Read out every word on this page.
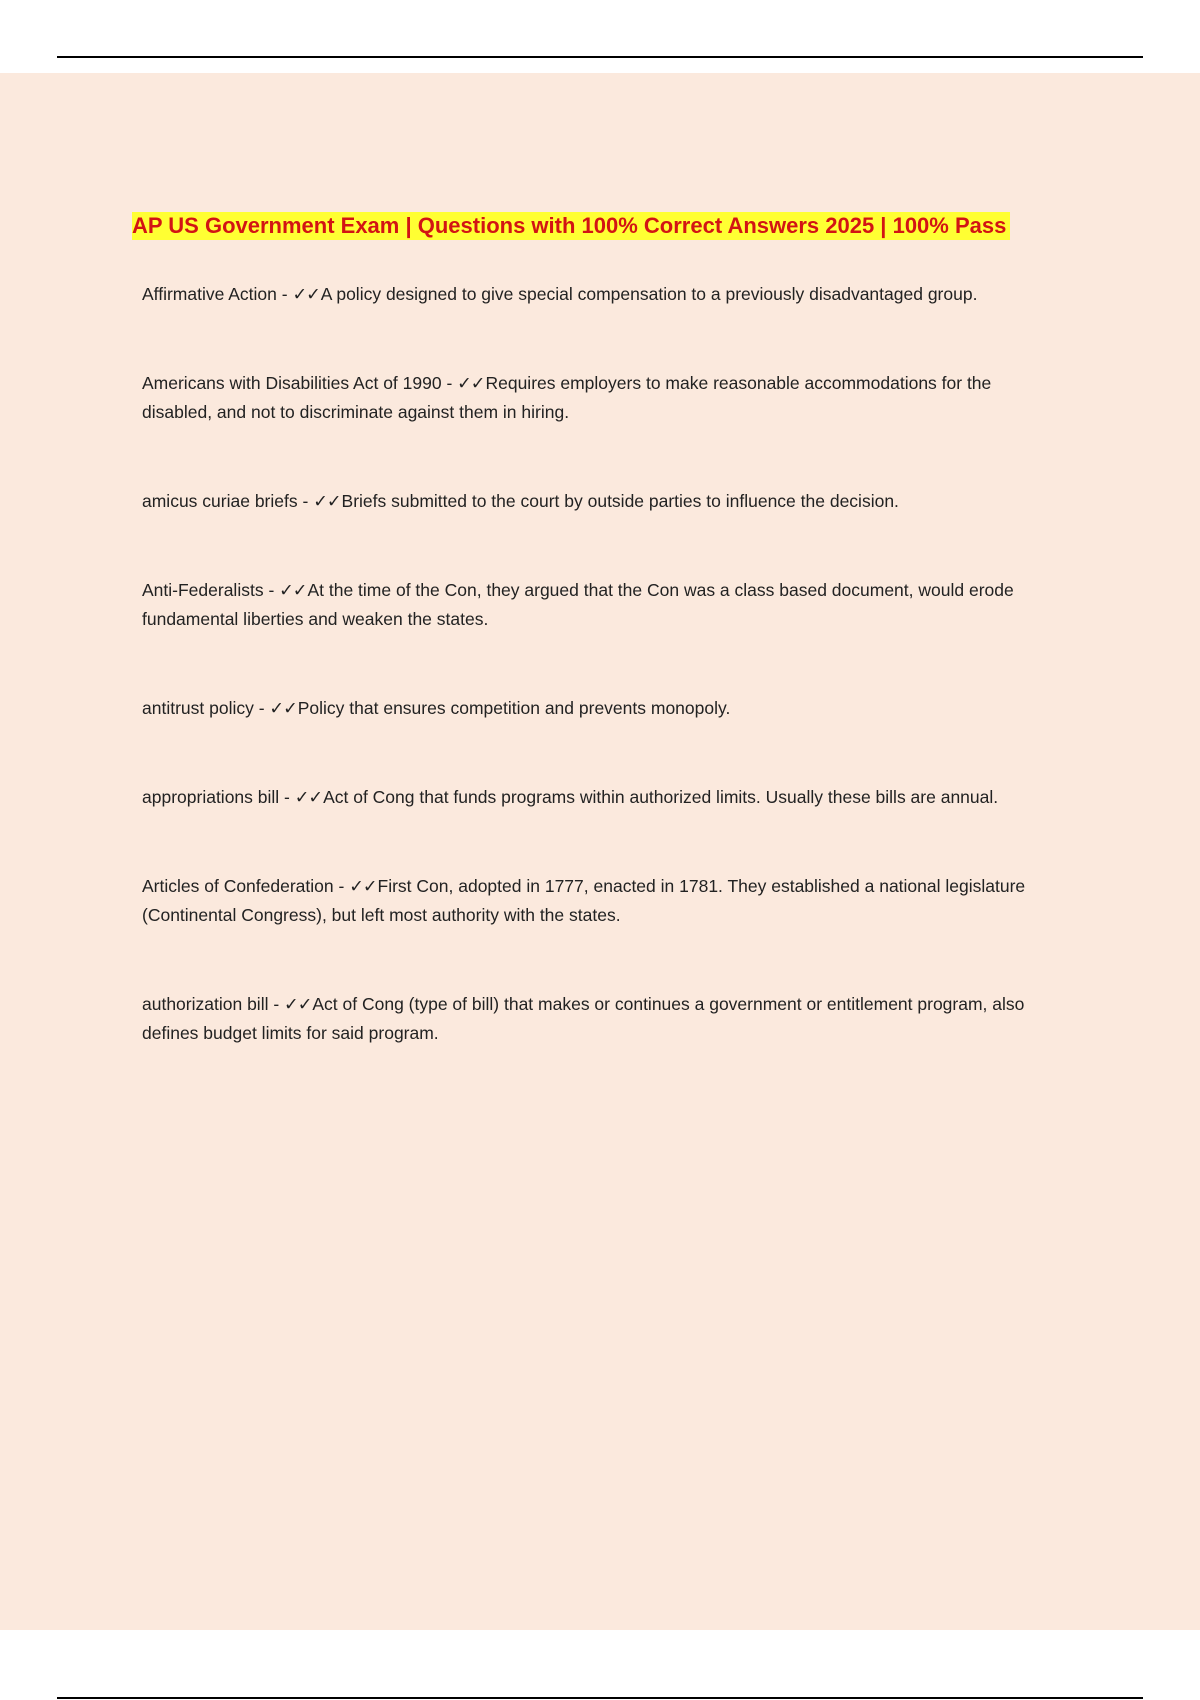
AP US Government Exam | Questions with 100% Correct Answers 2025 | 100% Pass
Affirmative Action - ✓✓A policy designed to give special compensation to a previously disadvantaged group.
Americans with Disabilities Act of 1990 - ✓✓Requires employers to make reasonable accommodations for the disabled, and not to discriminate against them in hiring.
amicus curiae briefs - ✓✓Briefs submitted to the court by outside parties to influence the decision.
Anti-Federalists - ✓✓At the time of the Con, they argued that the Con was a class based document, would erode fundamental liberties and weaken the states.
antitrust policy - ✓✓Policy that ensures competition and prevents monopoly.
appropriations bill - ✓✓Act of Cong that funds programs within authorized limits. Usually these bills are annual.
Articles of Confederation - ✓✓First Con, adopted in 1777, enacted in 1781. They established a national legislature (Continental Congress), but left most authority with the states.
authorization bill - ✓✓Act of Cong (type of bill) that makes or continues a government or entitlement program, also defines budget limits for said program.
